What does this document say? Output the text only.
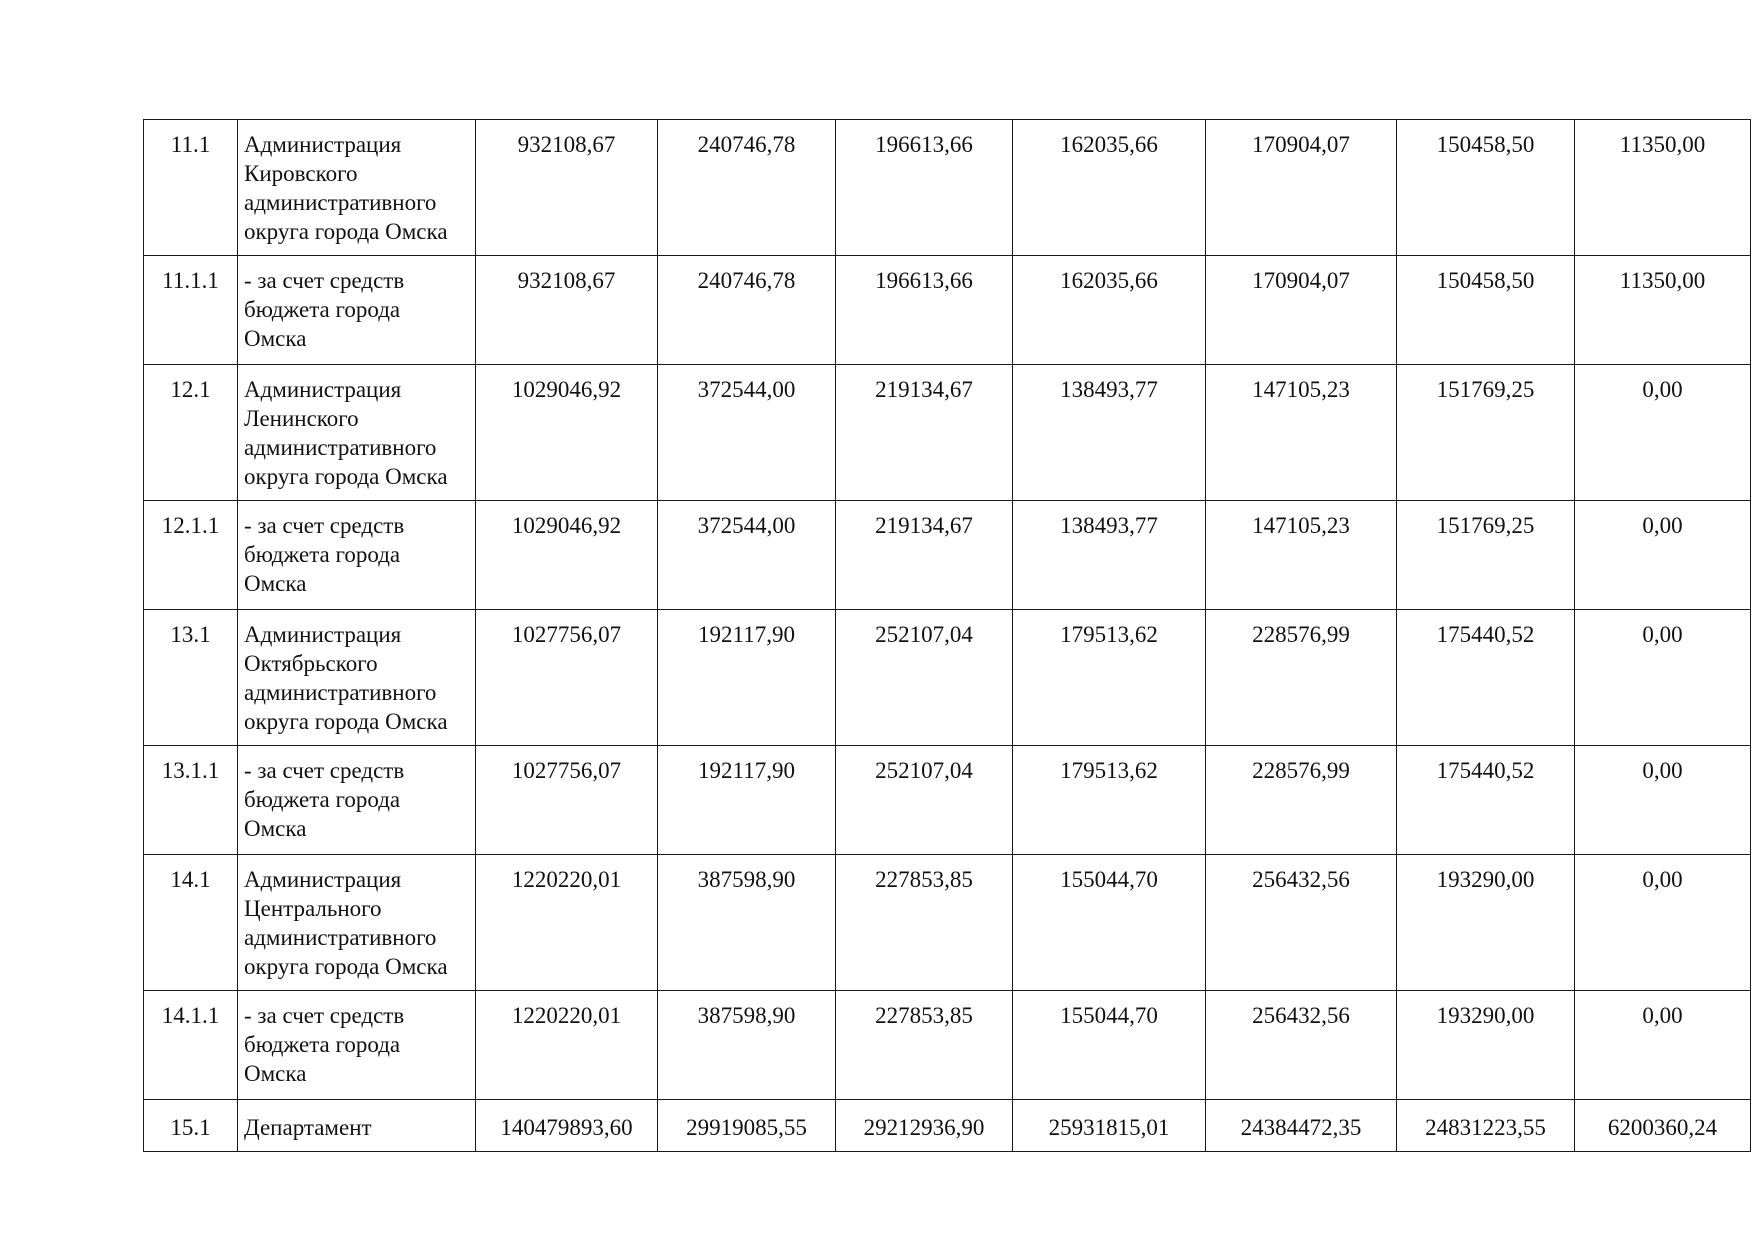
11.1	Администрация
Кировского
административного
округа города Омска	932108,67	240746,78	196613,66	162035,66	170904,07	150458,50	11350,00
11.1.1	- за счет средств
бюджета города
Омска	932108,67	240746,78	196613,66	162035,66	170904,07	150458,50	11350,00
12.1	Администрация
Ленинского
административного
округа города Омска	1029046,92	372544,00	219134,67	138493,77	147105,23	151769,25	0,00
12.1.1	- за счет средств
бюджета города
Омска	1029046,92	372544,00	219134,67	138493,77	147105,23	151769,25	0,00
13.1	Администрация
Октябрьского
административного
округа города Омска	1027756,07	192117,90	252107,04	179513,62	228576,99	175440,52	0,00
13.1.1	- за счет средств
бюджета города
Омска	1027756,07	192117,90	252107,04	179513,62	228576,99	175440,52	0,00
14.1	Администрация
Центрального
административного
округа города Омска	1220220,01	387598,90	227853,85	155044,70	256432,56	193290,00	0,00
14.1.1	- за счет средств
бюджета города
Омска	1220220,01	387598,90	227853,85	155044,70	256432,56	193290,00	0,00
15.1	Департамент	140479893,60	29919085,55	29212936,90	25931815,01	24384472,35	24831223,55	6200360,24
